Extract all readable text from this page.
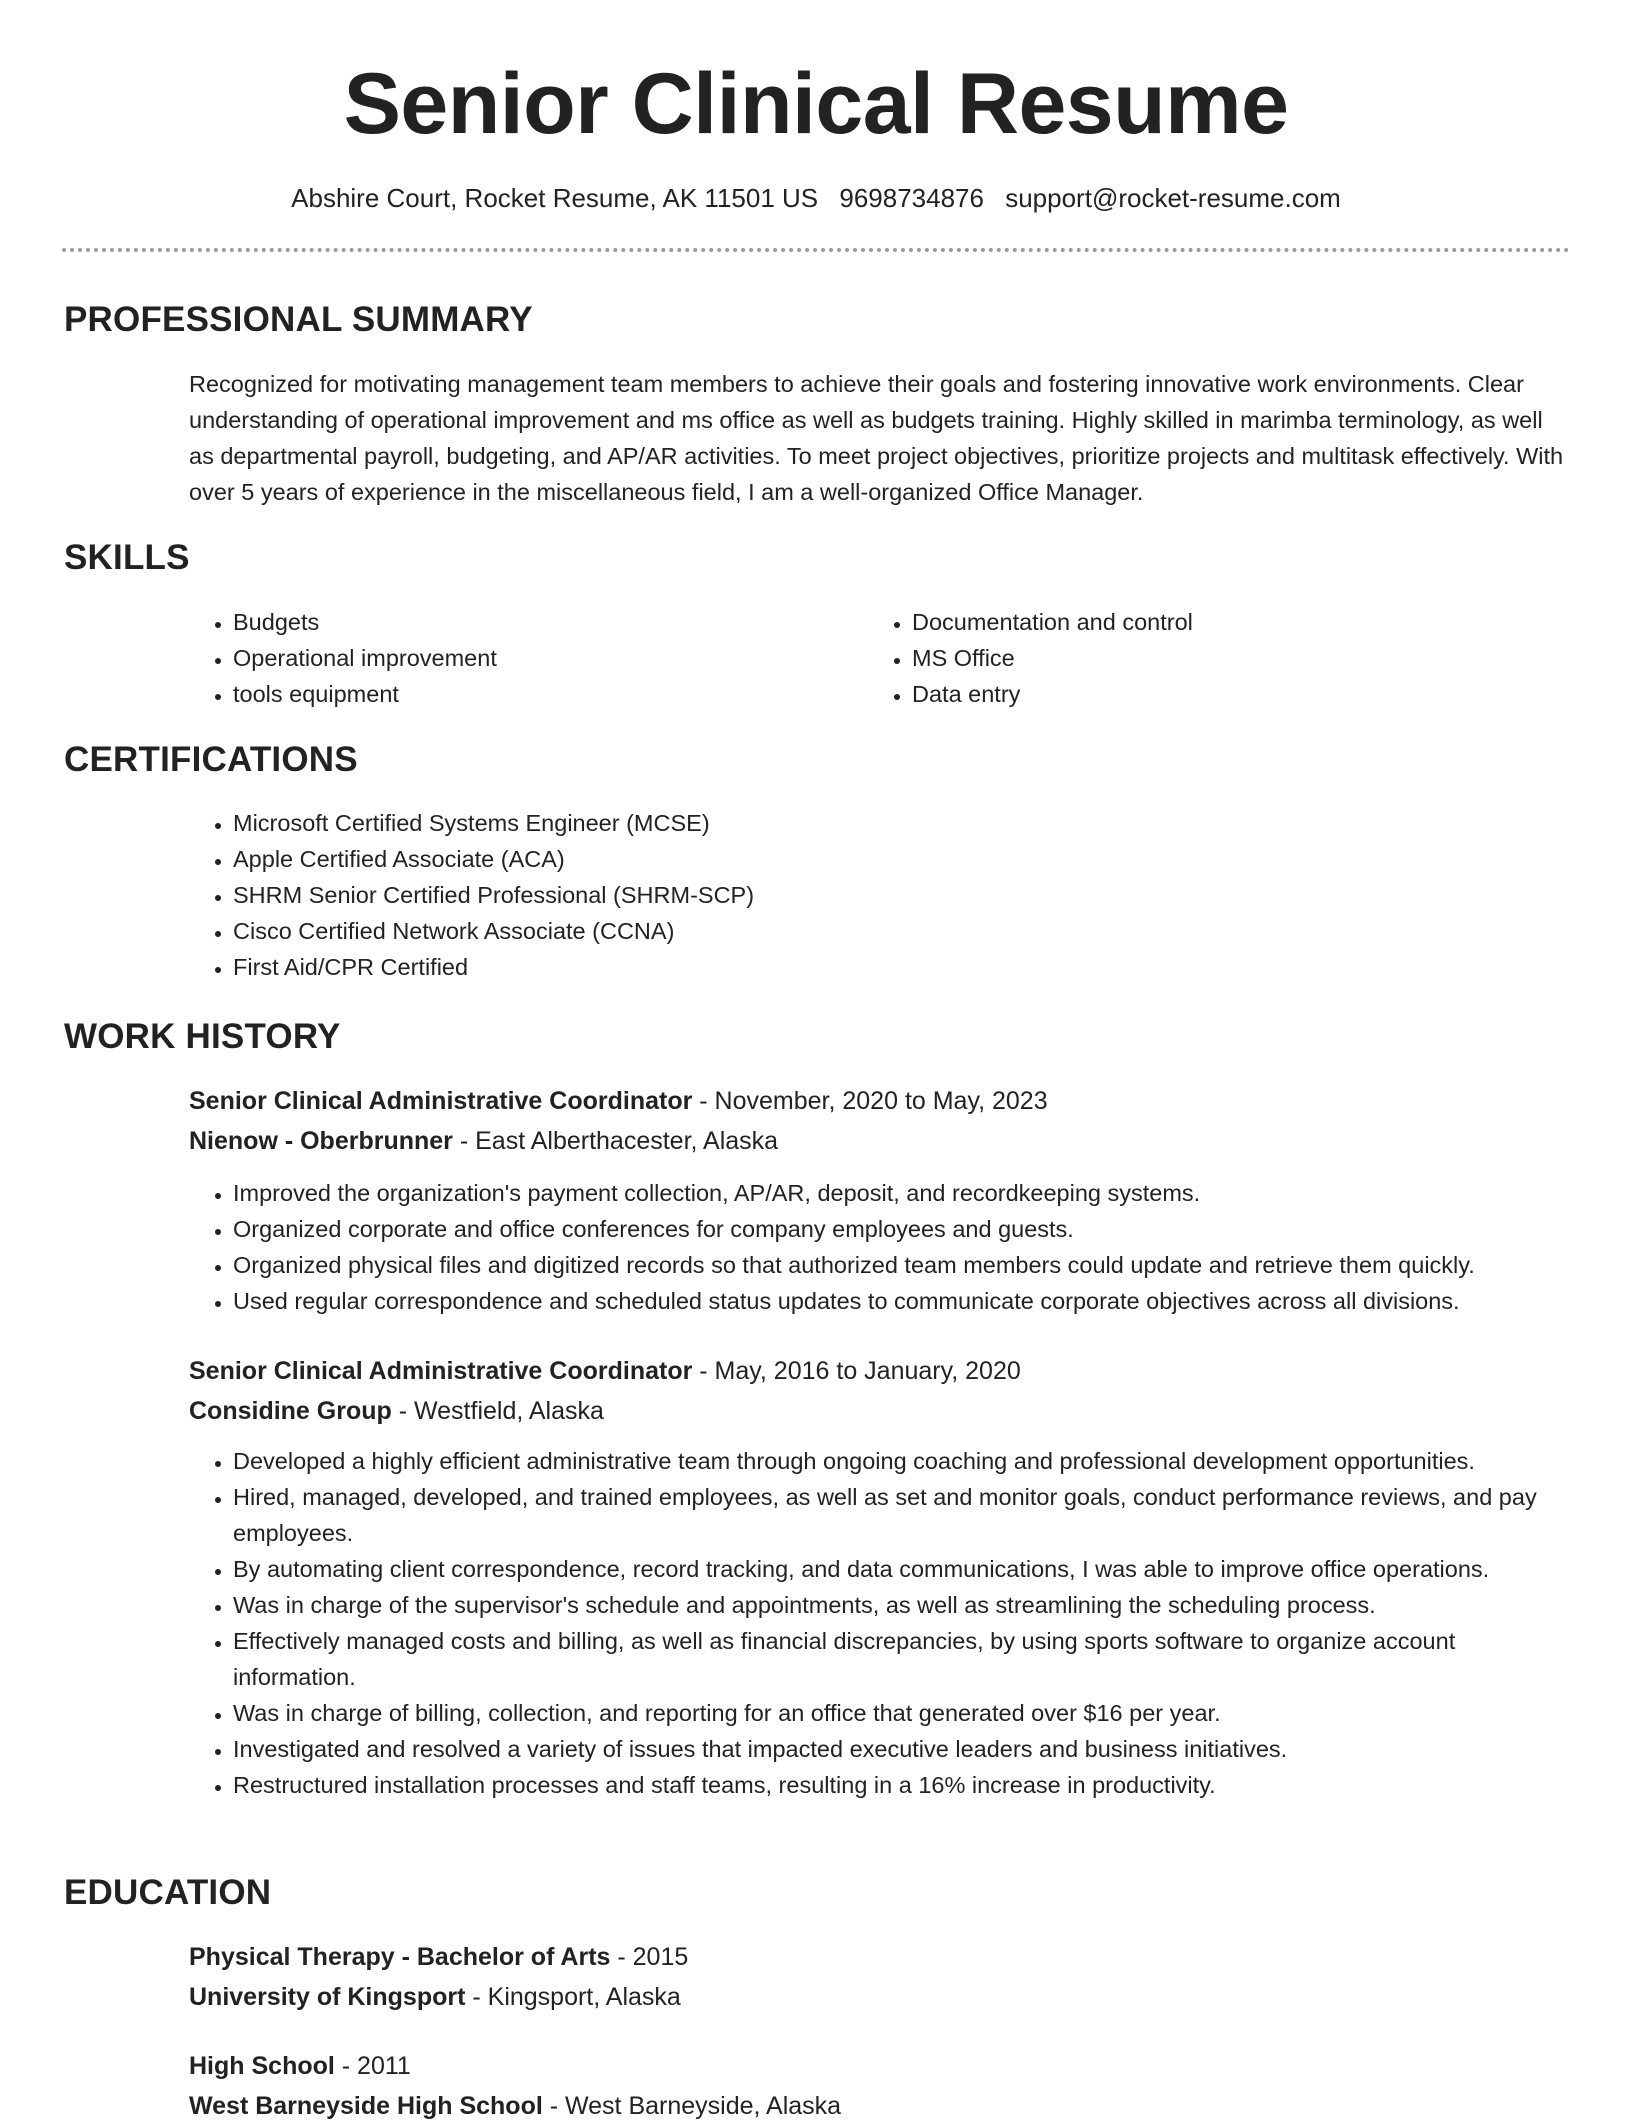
Senior Clinical Resume
Abshire Court, Rocket Resume, AK 11501 US 9698734876 support@rocket-resume.com
PROFESSIONAL SUMMARY

Recognized for motivating management team members to achieve their goals and fostering innovative work environments. Clear understanding of operational improvement and ms office as well as budgets training. Highly skilled in marimba terminology, as well as departmental payroll, budgeting, and AP/AR activities. To meet project objectives, prioritize projects and multitask effectively. With over 5 years of experience in the miscellaneous field, I am a well-organized Office Manager.

SKILLS
• Budgets
• Operational improvement
• tools equipment
• Documentation and control
• MS Office
• Data entry
CERTIFICATIONS
• Microsoft Certified Systems Engineer (MCSE)
• Apple Certified Associate (ACA)
• SHRM Senior Certified Professional (SHRM-SCP)
• Cisco Certified Network Associate (CCNA)
• First Aid/CPR Certified
WORK HISTORY

Senior Clinical Administrative Coordinator - November, 2020 to May, 2023

Nienow - Oberbrunner - East Alberthacester, Alaska

• Improved the organization's payment collection, AP/AR, deposit, and recordkeeping systems.
• Organized corporate and office conferences for company employees and guests.
• Organized physical files and digitized records so that authorized team members could update and retrieve them quickly.
• Used regular correspondence and scheduled status updates to communicate corporate objectives across all divisions.

Senior Clinical Administrative Coordinator - May, 2016 to January, 2020

Considine Group - Westfield, Alaska

• Developed a highly efficient administrative team through ongoing coaching and professional development opportunities.
• Hired, managed, developed, and trained employees, as well as set and monitor goals, conduct performance reviews, and pay employees.
• By automating client correspondence, record tracking, and data communications, I was able to improve office operations.
• Was in charge of the supervisor's schedule and appointments, as well as streamlining the scheduling process.
• Effectively managed costs and billing, as well as financial discrepancies, by using sports software to organize account information.
• Was in charge of billing, collection, and reporting for an office that generated over $16 per year.
• Investigated and resolved a variety of issues that impacted executive leaders and business initiatives.
• Restructured installation processes and staff teams, resulting in a 16% increase in productivity.
EDUCATION

Physical Therapy - Bachelor of Arts - 2015

University of Kingsport - Kingsport, Alaska

High School - 2011

West Barneyside High School - West Barneyside, Alaska
